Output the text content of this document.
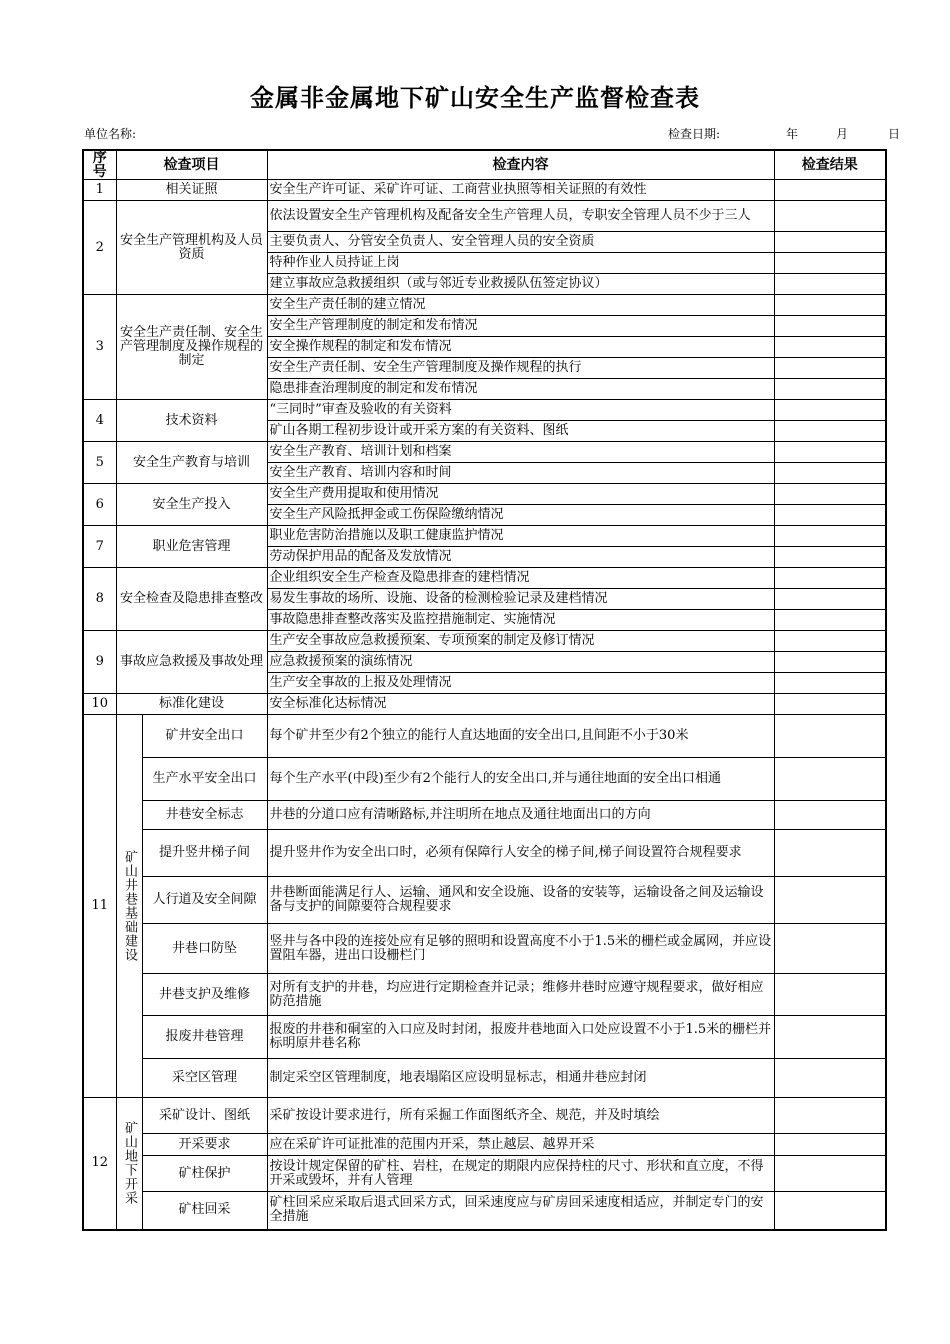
金属非金属地下矿山安全生产监督检查表
单位名称:	检查日期:	年	月	日
序号	检查项目		检查内容	检查结果
1	相关证照		安全生产许可证、采矿许可证、工商营业执照等相关证照的有效性	
2	安全生产管理机构及人员资质		依法设置安全生产管理机构及配备安全生产管理人员，专职安全管理人员不少于三人	
			主要负责人、分管安全负责人、安全管理人员的安全资质	
			特种作业人员持证上岗	
			建立事故应急救援组织（或与邻近专业救援队伍签定协议）	
3	安全生产责任制、安全生产管理制度及操作规程的制定		安全生产责任制的建立情况	
			安全生产管理制度的制定和发布情况	
			安全操作规程的制定和发布情况	
			安全生产责任制、安全生产管理制度及操作规程的执行	
			隐患排查治理制度的制定和发布情况	
4	技术资料		“三同时”审查及验收的有关资料	
			矿山各期工程初步设计或开采方案的有关资料、图纸	
5	安全生产教育与培训		安全生产教育、培训计划和档案	
			安全生产教育、培训内容和时间	
6	安全生产投入		安全生产费用提取和使用情况	
			安全生产风险抵押金或工伤保险缴纳情况	
7	职业危害管理		职业危害防治措施以及职工健康监护情况	
			劳动保护用品的配备及发放情况	
8	安全检查及隐患排查整改		企业组织安全生产检查及隐患排查的建档情况	
			易发生事故的场所、设施、设备的检测检验记录及建档情况	
			事故隐患排查整改落实及监控措施制定、实施情况	
9	事故应急救援及事故处理		生产安全事故应急救援预案、专项预案的制定及修订情况	
			应急救援预案的演练情况	
			生产安全事故的上报及处理情况	
10	标准化建设		安全标准化达标情况	
11	矿山井巷基础建设	矿井安全出口	每个矿井至少有2个独立的能行人直达地面的安全出口,且间距不小于30米	
		生产水平安全出口	每个生产水平(中段)至少有2个能行人的安全出口,并与通往地面的安全出口相通	
		井巷安全标志	井巷的分道口应有清晰路标,并注明所在地点及通往地面出口的方向	
		提升竖井梯子间	提升竖井作为安全出口时，必须有保障行人安全的梯子间,梯子间设置符合规程要求	
		人行道及安全间隙	井巷断面能满足行人、运输、通风和安全设施、设备的安装等，运输设备之间及运输设备与支护的间隙要符合规程要求	
		井巷口防坠	竖井与各中段的连接处应有足够的照明和设置高度不小于1.5米的栅栏或金属网，并应设置阻车器，进出口设栅栏门	
		井巷支护及维修	对所有支护的井巷，均应进行定期检查并记录；维修井巷时应遵守规程要求，做好相应防范措施	
		报废井巷管理	报废的井巷和硐室的入口应及时封闭，报废井巷地面入口处应设置不小于1.5米的栅栏并标明原井巷名称	
		采空区管理	制定采空区管理制度，地表塌陷区应设明显标志，相通井巷应封闭	
12	矿山地下开采	采矿设计、图纸	采矿按设计要求进行，所有采掘工作面图纸齐全、规范，并及时填绘	
		开采要求	应在采矿许可证批准的范围内开采，禁止越层、越界开采	
		矿柱保护	按设计规定保留的矿柱、岩柱，在规定的期限内应保持柱的尺寸、形状和直立度，不得开采或毁坏，并有人管理	
		矿柱回采	矿柱回采应采取后退式回采方式，回采速度应与矿房回采速度相适应，并制定专门的安全措施	
